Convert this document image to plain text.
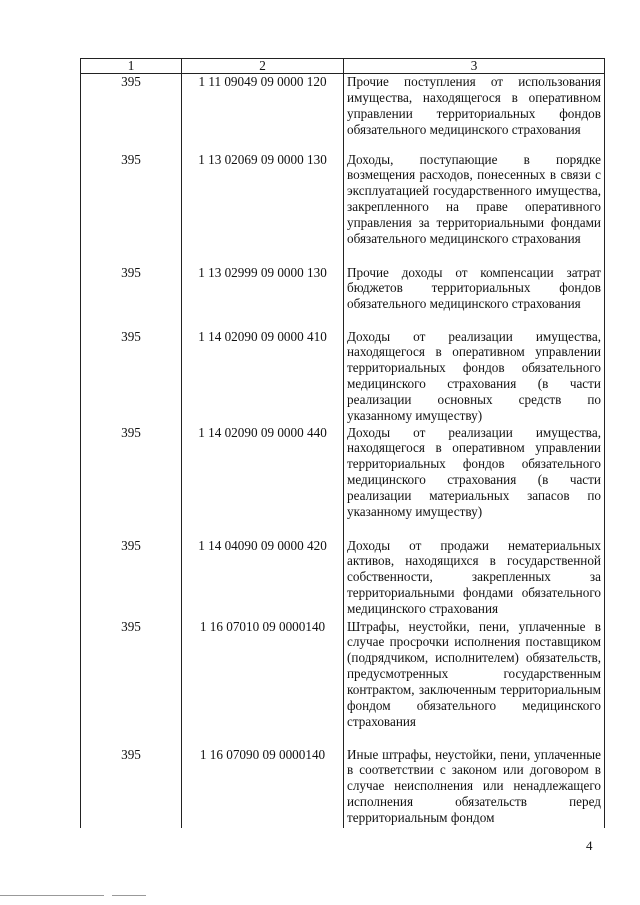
1	2	3
395	1 11 09049 09 0000 120	Прочие поступления от использования имущества, находящегося в оперативном управлении территориальных фондов обязательного медицинского страхования
395	1 13 02069 09 0000 130	Доходы, поступающие в порядке возмещения расходов, понесенных в связи с эксплуатацией государственного имущества, закрепленного на праве оперативного управления за территориальными фондами обязательного медицинского страхования
395	1 13 02999 09 0000 130	Прочие доходы от компенсации затрат бюджетов территориальных фондов обязательного медицинского страхования
395	1 14 02090 09 0000 410	Доходы от реализации имущества, находящегося в оперативном управлении территориальных фондов обязательного медицинского страхования (в части реализации основных средств по указанному имуществу)
395	1 14 02090 09 0000 440	Доходы от реализации имущества, находящегося в оперативном управлении территориальных фондов обязательного медицинского страхования (в части реализации материальных запасов по указанному имуществу)
395	1 14 04090 09 0000 420	Доходы от продажи нематериальных активов, находящихся в государственной собственности, закрепленных за территориальными фондами обязательного медицинского страхования
395	1 16 07010 09 0000140	Штрафы, неустойки, пени, уплаченные в случае просрочки исполнения поставщиком (подрядчиком, исполнителем) обязательств, предусмотренных государственным контрактом, заключенным территориальным фондом обязательного медицинского страхования
395	1 16 07090 09 0000140	Иные штрафы, неустойки, пени, уплаченные в соответствии с законом или договором в случае неисполнения или ненадлежащего исполнения обязательств перед территориальным фондом
4
